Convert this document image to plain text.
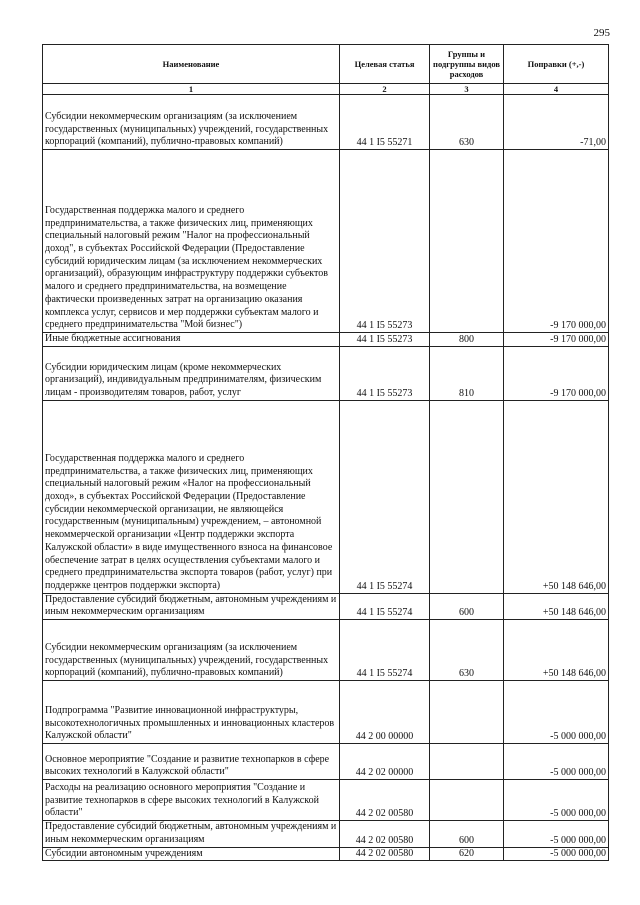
295
Наименование	Целевая статья	Группы и подгруппы видов расходов	Поправки (+,-)
1	2	3	4
Субсидии некоммерческим организациям (за исключением государственных (муниципальных) учреждений, государственных корпораций (компаний), публично-правовых компаний)	44 1 I5 55271	630	-71,00
Государственная поддержка малого и среднего предпринимательства, а также физических лиц, применяющих специальный налоговый режим "Налог на профессиональный доход", в субъектах Российской Федерации (Предоставление субсидий юридическим лицам (за исключением некоммерческих организаций), образующим инфраструктуру поддержки субъектов малого и среднего предпринимательства, на возмещение фактически произведенных затрат на организацию оказания комплекса услуг, сервисов и мер поддержки субъектам малого и среднего предпринимательства "Мой бизнес")	44 1 I5 55273		-9 170 000,00
Иные бюджетные ассигнования	44 1 I5 55273	800	-9 170 000,00
Субсидии юридическим лицам (кроме некоммерческих организаций), индивидуальным предпринимателям, физическим лицам - производителям товаров, работ, услуг	44 1 I5 55273	810	-9 170 000,00
Государственная поддержка малого и среднего предпринимательства, а также физических лиц, применяющих специальный налоговый режим «Налог на профессиональный доход», в субъектах Российской Федерации (Предоставление субсидии некоммерческой организации, не являющейся государственным (муниципальным) учреждением, – автономной некоммерческой организации «Центр поддержки экспорта Калужской области» в виде имущественного взноса на финансовое обеспечение затрат в целях осуществления субъектами малого и среднего предпринимательства экспорта товаров (работ, услуг) при поддержке центров поддержки экспорта)	44 1 I5 55274		+50 148 646,00
Предоставление субсидий бюджетным, автономным учреждениям и иным некоммерческим организациям	44 1 I5 55274	600	+50 148 646,00
Субсидии некоммерческим организациям (за исключением государственных (муниципальных) учреждений, государственных корпораций (компаний), публично-правовых компаний)	44 1 I5 55274	630	+50 148 646,00
Подпрограмма "Развитие инновационной инфраструктуры, высокотехнологичных промышленных и инновационных кластеров Калужской области"	44 2 00 00000		-5 000 000,00
Основное мероприятие "Создание и развитие технопарков в сфере высоких технологий в Калужской области"	44 2 02 00000		-5 000 000,00
Расходы на реализацию основного мероприятия "Создание и развитие технопарков в сфере высоких технологий в Калужской области"	44 2 02 00580		-5 000 000,00
Предоставление субсидий бюджетным, автономным учреждениям и иным некоммерческим организациям	44 2 02 00580	600	-5 000 000,00
Субсидии автономным учреждениям	44 2 02 00580	620	-5 000 000,00
